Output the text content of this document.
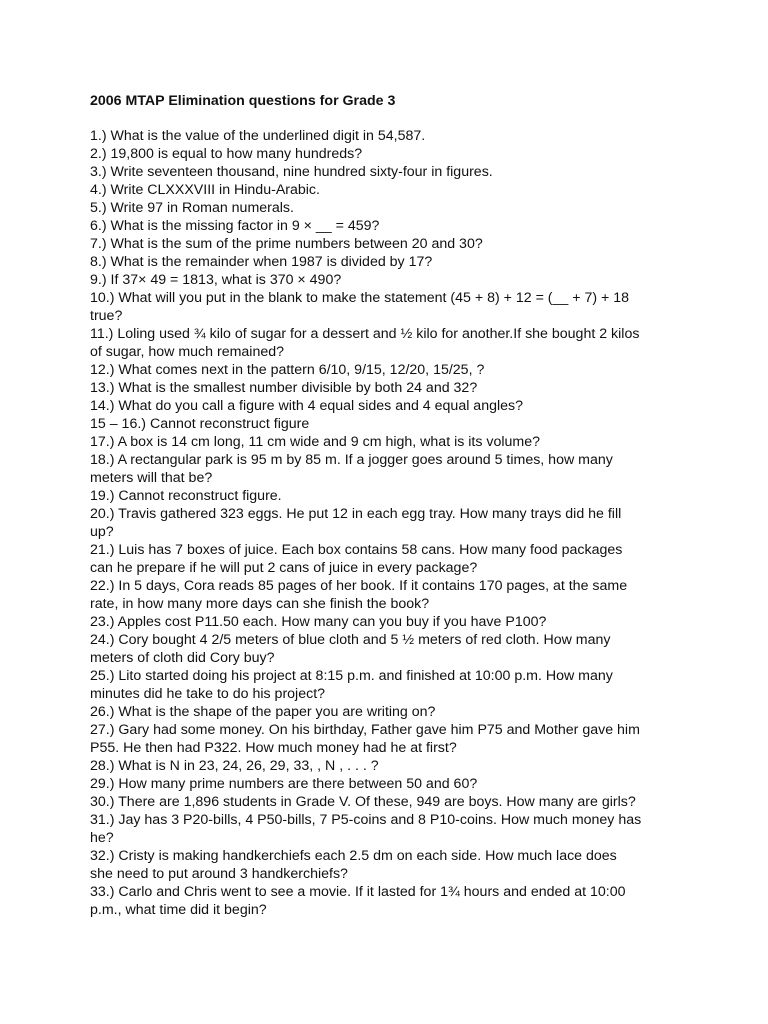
2006 MTAP Elimination questions for Grade 3
1.) What is the value of the underlined digit in 54,587.
2.) 19,800 is equal to how many hundreds?
3.) Write seventeen thousand, nine hundred sixty-four in figures.
4.) Write CLXXXVIII in Hindu-Arabic.
5.) Write 97 in Roman numerals.
6.) What is the missing factor in 9 × __ = 459?
7.) What is the sum of the prime numbers between 20 and 30?
8.) What is the remainder when 1987 is divided by 17?
9.) If 37× 49 = 1813, what is 370 × 490?
10.) What will you put in the blank to make the statement (45 + 8) + 12 = (__ + 7) + 18
true?
11.) Loling used ¾ kilo of sugar for a dessert and ½ kilo for another.If she bought 2 kilos
of sugar, how much remained?
12.) What comes next in the pattern 6/10, 9/15, 12/20, 15/25, ?
13.) What is the smallest number divisible by both 24 and 32?
14.) What do you call a figure with 4 equal sides and 4 equal angles?
15 – 16.) Cannot reconstruct figure
17.) A box is 14 cm long, 11 cm wide and 9 cm high, what is its volume?
18.) A rectangular park is 95 m by 85 m. If a jogger goes around 5 times, how many
meters will that be?
19.) Cannot reconstruct figure.
20.) Travis gathered 323 eggs. He put 12 in each egg tray. How many trays did he fill
up?
21.) Luis has 7 boxes of juice. Each box contains 58 cans. How many food packages
can he prepare if he will put 2 cans of juice in every package?
22.) In 5 days, Cora reads 85 pages of her book. If it contains 170 pages, at the same
rate, in how many more days can she finish the book?
23.) Apples cost P11.50 each. How many can you buy if you have P100?
24.) Cory bought 4 2/5 meters of blue cloth and 5 ½ meters of red cloth. How many
meters of cloth did Cory buy?
25.) Lito started doing his project at 8:15 p.m. and finished at 10:00 p.m. How many
minutes did he take to do his project?
26.) What is the shape of the paper you are writing on?
27.) Gary had some money. On his birthday, Father gave him P75 and Mother gave him
P55. He then had P322. How much money had he at first?
28.) What is N in 23, 24, 26, 29, 33, , N , . . . ?
29.) How many prime numbers are there between 50 and 60?
30.) There are 1,896 students in Grade V. Of these, 949 are boys. How many are girls?
31.) Jay has 3 P20-bills, 4 P50-bills, 7 P5-coins and 8 P10-coins. How much money has
he?
32.) Cristy is making handkerchiefs each 2.5 dm on each side. How much lace does
she need to put around 3 handkerchiefs?
33.) Carlo and Chris went to see a movie. If it lasted for 1¾ hours and ended at 10:00
p.m., what time did it begin?
